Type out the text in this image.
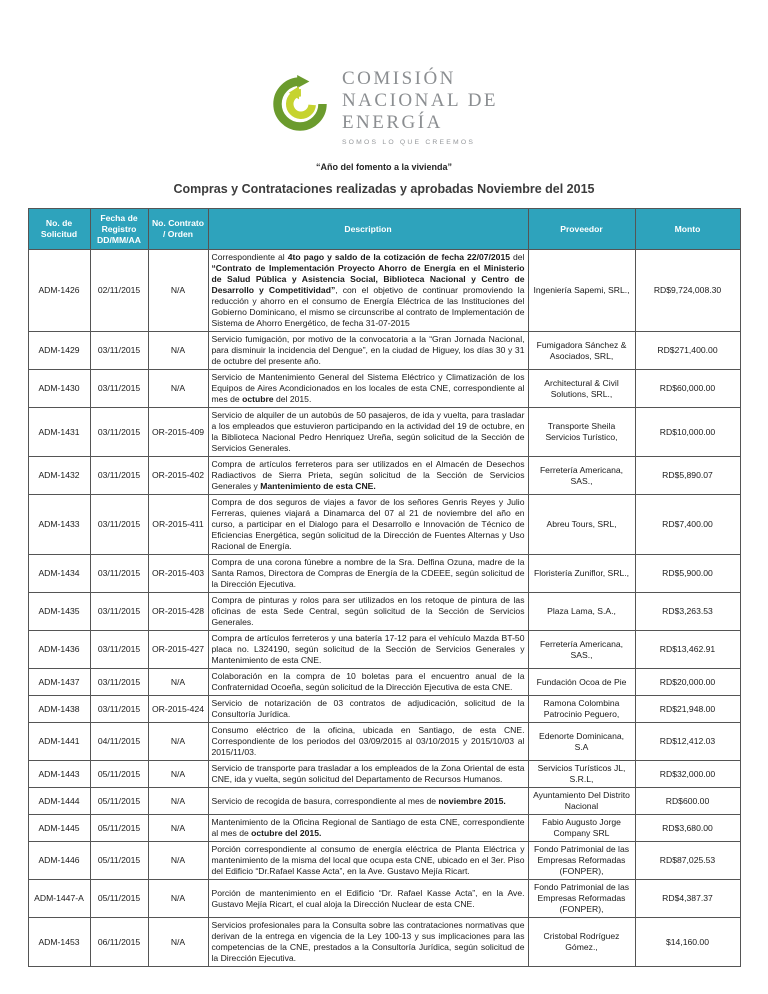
COMISIÓN
NACIONAL DE
ENERGÍA
SOMOS LO QUE CREEMOS
“Año del fomento a la vivienda”
Compras y Contrataciones realizadas y aprobadas Noviembre del 2015
No. de Solicitud	Fecha de Registro DD/MM/AA	No. Contrato / Orden	Description	Proveedor	Monto
ADM-1426	02/11/2015	N/A	Correspondiente al 4to pago y saldo de la cotización de fecha 22/07/2015 del “Contrato de Implementación Proyecto Ahorro de Energía en el Ministerio de Salud Pública y Asistencia Social, Biblioteca Nacional y Centro de Desarrollo y Competitividad”, con el objetivo de continuar promoviendo la reducción y ahorro en el consumo de Energía Eléctrica de las Instituciones del Gobierno Dominicano, el mismo se circunscribe al contrato de Implementación de Sistema de Ahorro Energético, de fecha 31-07-2015	Ingeniería Sapemi, SRL.,	RD$9,724,008.30
ADM-1429	03/11/2015	N/A	Servicio fumigación, por motivo de la convocatoria a la “Gran Jornada Nacional, para disminuir la incidencia del Dengue”, en la ciudad de Higuey, los días 30 y 31 de octubre del presente año.	Fumigadora Sánchez & Asociados, SRL,	RD$271,400.00
ADM-1430	03/11/2015	N/A	Servicio de Mantenimiento General del Sistema Eléctrico y Climatización de los Equipos de Aires Acondicionados en los locales de esta CNE, correspondiente al mes de octubre del 2015.	Architectural & Civil Solutions, SRL.,	RD$60,000.00
ADM-1431	03/11/2015	OR-2015-409	Servicio de alquiler de un autobús de 50 pasajeros, de ida y vuelta, para trasladar a los empleados que estuvieron participando en la actividad del 19 de octubre, en la Biblioteca Nacional Pedro Henriquez Ureña, según solicitud de la Sección de Servicios Generales.	Transporte Sheila Servicios Turístico,	RD$10,000.00
ADM-1432	03/11/2015	OR-2015-402	Compra de artículos ferreteros para ser utilizados en el Almacén de Desechos Radiactivos de Sierra Prieta, según solicitud de la Sección de Servicios Generales y Mantenimiento de esta CNE.	Ferretería Americana, SAS.,	RD$5,890.07
ADM-1433	03/11/2015	OR-2015-411	Compra de dos seguros de viajes a favor de los señores Genris Reyes y Julio Ferreras, quienes viajará a Dinamarca del 07 al 21 de noviembre del año en curso, a participar en el Dialogo para el Desarrollo e Innovación de Técnico de Eficiencias Energética, según solicitud de la Dirección de Fuentes Alternas y Uso Racional de Energía.	Abreu Tours, SRL,	RD$7,400.00
ADM-1434	03/11/2015	OR-2015-403	Compra de una corona fúnebre a nombre de la Sra. Delfina Ozuna, madre de la Santa Ramos, Directora de Compras de Energía de la CDEEE, según solicitud de la Dirección Ejecutiva.	Floristería Zuniflor, SRL.,	RD$5,900.00
ADM-1435	03/11/2015	OR-2015-428	Compra de pinturas y rolos para ser utilizados en los retoque de pintura de las oficinas de esta Sede Central, según solicitud de la Sección de Servicios Generales.	Plaza Lama, S.A.,	RD$3,263.53
ADM-1436	03/11/2015	OR-2015-427	Compra de artículos ferreteros y una batería 17-12 para el vehículo Mazda BT-50 placa no. L324190, según solicitud de la Sección de Servicios Generales y Mantenimiento de esta CNE.	Ferretería Americana, SAS.,	RD$13,462.91
ADM-1437	03/11/2015	N/A	Colaboración en la compra de 10 boletas para el encuentro anual de la Confraternidad Ocoeña, según solicitud de la Dirección Ejecutiva de esta CNE.	Fundación Ocoa de Pie	RD$20,000.00
ADM-1438	03/11/2015	OR-2015-424	Servicio de notarización de 03 contratos de adjudicación, solicitud de la Consultoría Jurídica.	Ramona Colombina Patrocinio Peguero,	RD$21,948.00
ADM-1441	04/11/2015	N/A	Consumo eléctrico de la oficina, ubicada en Santiago, de esta CNE. Correspondiente de los periodos del 03/09/2015 al 03/10/2015 y 2015/10/03 al 2015/11/03.	Edenorte Dominicana, S.A	RD$12,412.03
ADM-1443	05/11/2015	N/A	Servicio de transporte para trasladar a los empleados de la Zona Oriental de esta CNE, ida y vuelta, según solicitud del Departamento de Recursos Humanos.	Servicios Turísticos JL, S.R.L,	RD$32,000.00
ADM-1444	05/11/2015	N/A	Servicio de recogida de basura, correspondiente al mes de noviembre 2015.	Ayuntamiento Del Distrito Nacional	RD$600.00
ADM-1445	05/11/2015	N/A	Mantenimiento de la Oficina Regional de Santiago de esta CNE, correspondiente al mes de octubre del 2015.	Fabio Augusto Jorge Company SRL	RD$3,680.00
ADM-1446	05/11/2015	N/A	Porción correspondiente al consumo de energía eléctrica de Planta Eléctrica y mantenimiento de la misma del local que ocupa esta CNE, ubicado en el 3er. Piso del Edificio “Dr.Rafael Kasse Acta”, en la Ave. Gustavo Mejía Ricart.	Fondo Patrimonial de las Empresas Reformadas (FONPER),	RD$87,025.53
ADM-1447-A	05/11/2015	N/A	Porción de mantenimiento en el Edificio “Dr. Rafael Kasse Acta”, en la Ave. Gustavo Mejía Ricart, el cual aloja la Dirección Nuclear de esta CNE.	Fondo Patrimonial de las Empresas Reformadas (FONPER),	RD$4,387.37
ADM-1453	06/11/2015	N/A	Servicios profesionales para la Consulta sobre las contrataciones normativas que derivan de la entrega en vigencia de la Ley 100-13 y sus implicaciones para las competencias de la CNE, prestados a la Consultoría Jurídica, según solicitud de la Dirección Ejecutiva.	Cristobal Rodríguez Gómez.,	$14,160.00
